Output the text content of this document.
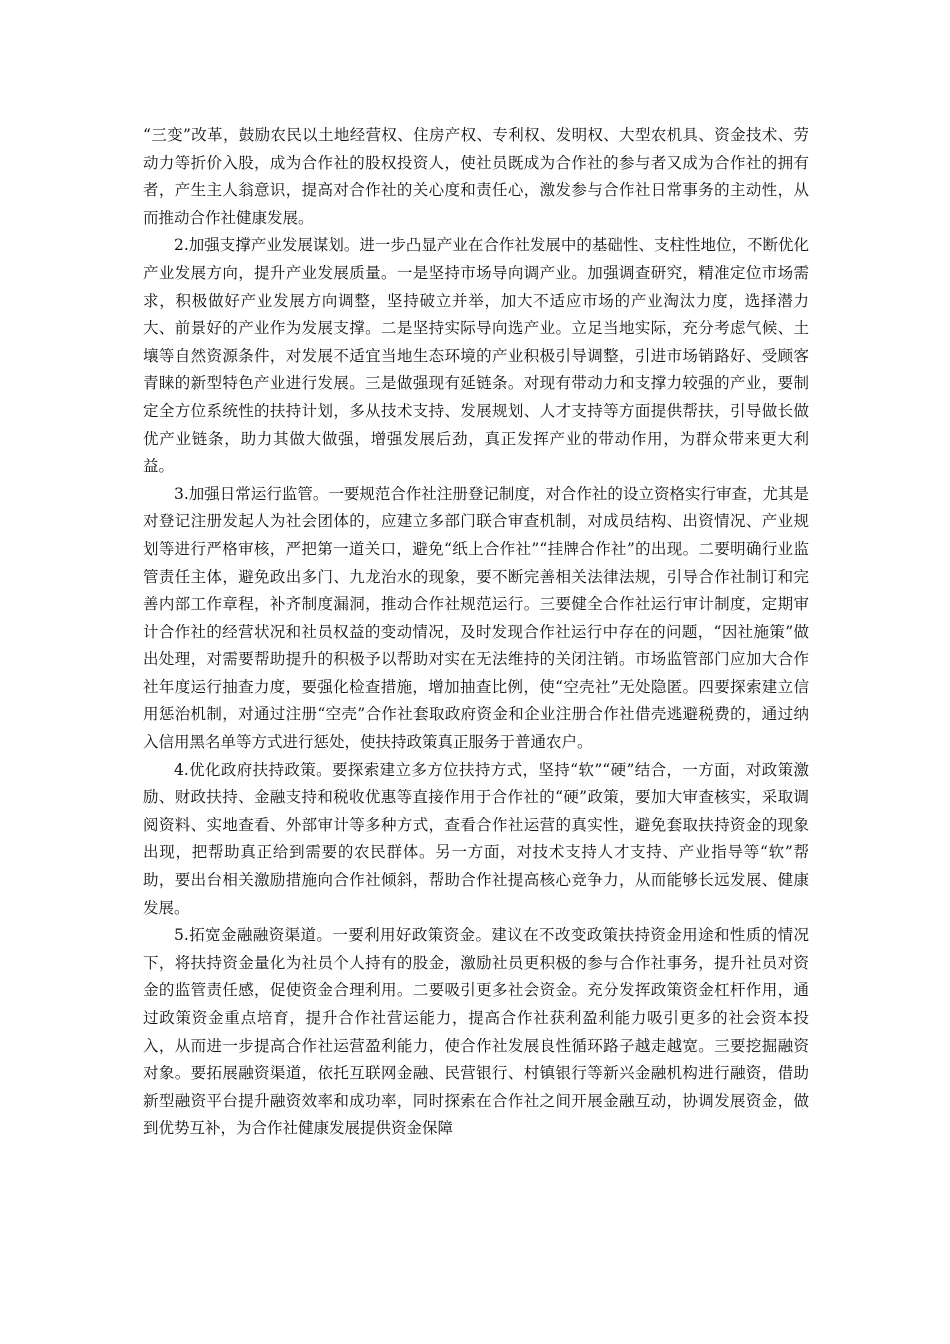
“三变”改革，鼓励农民以土地经营权、住房产权、专利权、发明权、大型农机具、资金技术、劳动力等折价入股，成为合作社的股权投资人，使社员既成为合作社的参与者又成为合作社的拥有者，产生主人翁意识，提高对合作社的关心度和责任心，激发参与合作社日常事务的主动性，从而推动合作社健康发展。

2.加强支撑产业发展谋划。进一步凸显产业在合作社发展中的基础性、支柱性地位，不断优化产业发展方向，提升产业发展质量。一是坚持市场导向调产业。加强调查研究，精准定位市场需求，积极做好产业发展方向调整，坚持破立并举，加大不适应市场的产业淘汰力度，选择潜力大、前景好的产业作为发展支撑。二是坚持实际导向选产业。立足当地实际，充分考虑气候、土壤等自然资源条件，对发展不适宜当地生态环境的产业积极引导调整，引进市场销路好、受顾客青睐的新型特色产业进行发展。三是做强现有延链条。对现有带动力和支撑力较强的产业，要制定全方位系统性的扶持计划，多从技术支持、发展规划、人才支持等方面提供帮扶，引导做长做优产业链条，助力其做大做强，增强发展后劲，真正发挥产业的带动作用，为群众带来更大利益。

3.加强日常运行监管。一要规范合作社注册登记制度，对合作社的设立资格实行审查，尤其是对登记注册发起人为社会团体的，应建立多部门联合审查机制，对成员结构、出资情况、产业规划等进行严格审核，严把第一道关口，避免“纸上合作社”“挂牌合作社”的出现。二要明确行业监管责任主体，避免政出多门、九龙治水的现象，要不断完善相关法律法规，引导合作社制订和完善内部工作章程，补齐制度漏洞，推动合作社规范运行。三要健全合作社运行审计制度，定期审计合作社的经营状况和社员权益的变动情况，及时发现合作社运行中存在的问题，“因社施策”做出处理，对需要帮助提升的积极予以帮助对实在无法维持的关闭注销。市场监管部门应加大合作社年度运行抽查力度，要强化检查措施，增加抽查比例，使“空壳社”无处隐匿。四要探索建立信用惩治机制，对通过注册“空壳”合作社套取政府资金和企业注册合作社借壳逃避税费的，通过纳入信用黑名单等方式进行惩处，使扶持政策真正服务于普通农户。

4.优化政府扶持政策。要探索建立多方位扶持方式，坚持“软”“硬”结合，一方面，对政策激励、财政扶持、金融支持和税收优惠等直接作用于合作社的“硬”政策，要加大审查核实，采取调阅资料、实地查看、外部审计等多种方式，查看合作社运营的真实性，避免套取扶持资金的现象出现，把帮助真正给到需要的农民群体。另一方面，对技术支持人才支持、产业指导等“软”帮助，要出台相关激励措施向合作社倾斜，帮助合作社提高核心竞争力，从而能够长远发展、健康发展。

5.拓宽金融融资渠道。一要利用好政策资金。建议在不改变政策扶持资金用途和性质的情况下，将扶持资金量化为社员个人持有的股金，激励社员更积极的参与合作社事务，提升社员对资金的监管责任感，促使资金合理利用。二要吸引更多社会资金。充分发挥政策资金杠杆作用，通过政策资金重点培育，提升合作社营运能力，提高合作社获利盈利能力吸引更多的社会资本投入，从而进一步提高合作社运营盈利能力，使合作社发展良性循环路子越走越宽。三要挖掘融资对象。要拓展融资渠道，依托互联网金融、民营银行、村镇银行等新兴金融机构进行融资，借助新型融资平台提升融资效率和成功率，同时探索在合作社之间开展金融互动，协调发展资金，做到优势互补，为合作社健康发展提供资金保障
